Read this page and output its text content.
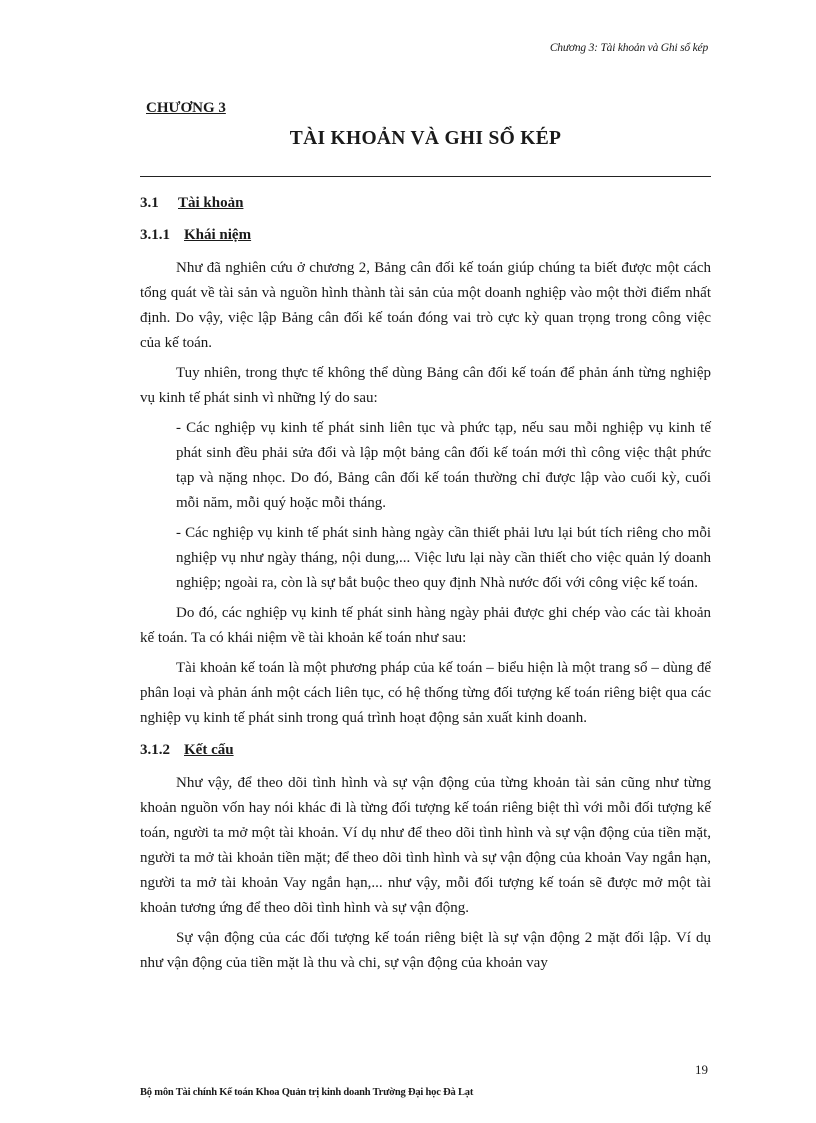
Chương 3: Tài khoản và Ghi sổ kép
CHƯƠNG 3
TÀI KHOẢN VÀ GHI SỔ KÉP
3.1 Tài khoản
3.1.1 Khái niệm

Như đã nghiên cứu ở chương 2, Bảng cân đối kế toán giúp chúng ta biết được một cách tổng quát về tài sản và nguồn hình thành tài sản của một doanh nghiệp vào một thời điểm nhất định. Do vậy, việc lập Bảng cân đối kế toán đóng vai trò cực kỳ quan trọng trong công việc của kế toán.

Tuy nhiên, trong thực tế không thể dùng Bảng cân đối kế toán để phản ánh từng nghiệp vụ kinh tế phát sinh vì những lý do sau:

- Các nghiệp vụ kinh tế phát sinh liên tục và phức tạp, nếu sau mỗi nghiệp vụ kinh tế phát sinh đều phải sửa đổi và lập một bảng cân đối kế toán mới thì công việc thật phức tạp và nặng nhọc. Do đó, Bảng cân đối kế toán thường chỉ được lập vào cuối kỳ, cuối mỗi năm, mỗi quý hoặc mỗi tháng.

- Các nghiệp vụ kinh tế phát sinh hàng ngày cần thiết phải lưu lại bút tích riêng cho mỗi nghiệp vụ như ngày tháng, nội dung,... Việc lưu lại này cần thiết cho việc quản lý doanh nghiệp; ngoài ra, còn là sự bắt buộc theo quy định Nhà nước đối với công việc kế toán.

Do đó, các nghiệp vụ kinh tế phát sinh hàng ngày phải được ghi chép vào các tài khoản kế toán. Ta có khái niệm về tài khoản kế toán như sau:

Tài khoản kế toán là một phương pháp của kế toán – biểu hiện là một trang sổ – dùng để phân loại và phản ánh một cách liên tục, có hệ thống từng đối tượng kế toán riêng biệt qua các nghiệp vụ kinh tế phát sinh trong quá trình hoạt động sản xuất kinh doanh.

3.1.2 Kết cấu

Như vậy, để theo dõi tình hình và sự vận động của từng khoản tài sản cũng như từng khoản nguồn vốn hay nói khác đi là từng đối tượng kế toán riêng biệt thì với mỗi đối tượng kế toán, người ta mở một tài khoản. Ví dụ như để theo dõi tình hình và sự vận động của tiền mặt, người ta mở tài khoản tiền mặt; để theo dõi tình hình và sự vận động của khoản Vay ngắn hạn, người ta mở tài khoản Vay ngắn hạn,... như vậy, mỗi đối tượng kế toán sẽ được mở một tài khoản tương ứng để theo dõi tình hình và sự vận động.

Sự vận động của các đối tượng kế toán riêng biệt là sự vận động 2 mặt đối lập. Ví dụ như vận động của tiền mặt là thu và chi, sự vận động của khoản vay

19
Bộ môn Tài chính Kế toán Khoa Quản trị kinh doanh Trường Đại học Đà Lạt
